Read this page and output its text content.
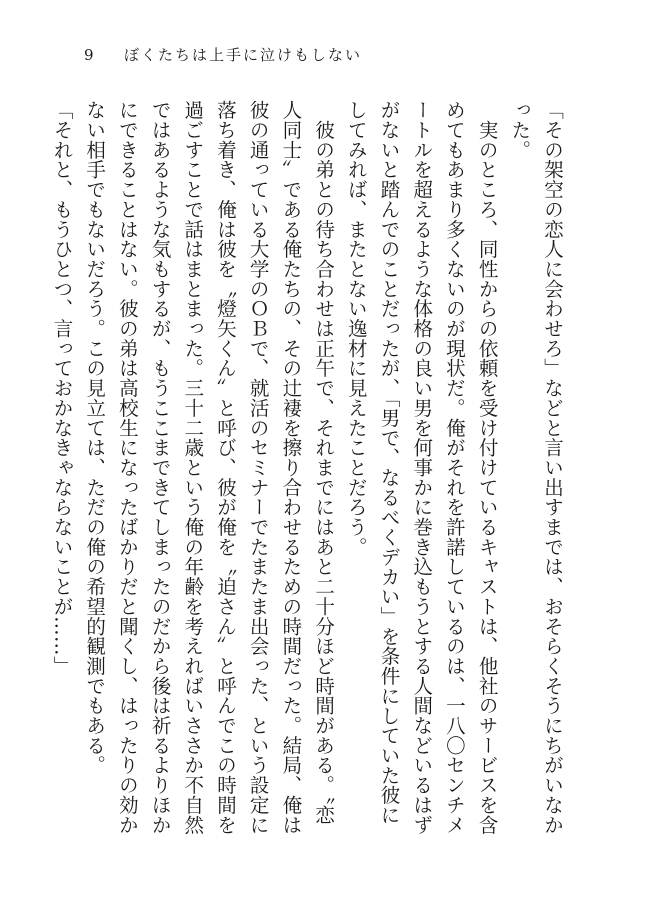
9 ぼくたちは上手に泣けもしない

「その架空の恋人に会わせろ」などと言い出すまでは、おそらくそうにちがいなかった。

　実のところ、同性からの依頼を受け付けているキャストは、他社のサービスを含めてもあまり多くないのが現状だ。俺がそれを許諾しているのは、一八〇センチメートルを超えるような体格の良い男を何事かに巻き込もうとする人間などいるはずがないと踏んでのことだったが、「男で、なるべくデカい」を条件にしていた彼にしてみれば、またとない逸材に見えたことだろう。

　彼の弟との待ち合わせは正午で、それまでにはあと二十分ほど時間がある。〝恋人同士〟である俺たちの、その辻褄を擦り合わせるための時間だった。結局、俺は彼の通っている大学のＯＢで、就活のセミナーでたまたま出会った、という設定に落ち着き、俺は彼を〝燈矢くん〟と呼び、彼が俺を〝迫さん〟と呼んでこの時間を過ごすことで話はまとまった。三十二歳という俺の年齢を考えればいささか不自然ではあるような気もするが、もうここまできてしまったのだから後は祈るよりほかにできることはない。彼の弟は高校生になったばかりだと聞くし、はったりの効かない相手でもないだろう。この見立ては、ただの俺の希望的観測でもある。

「それと、もうひとつ、言っておかなきゃならないことが……」
